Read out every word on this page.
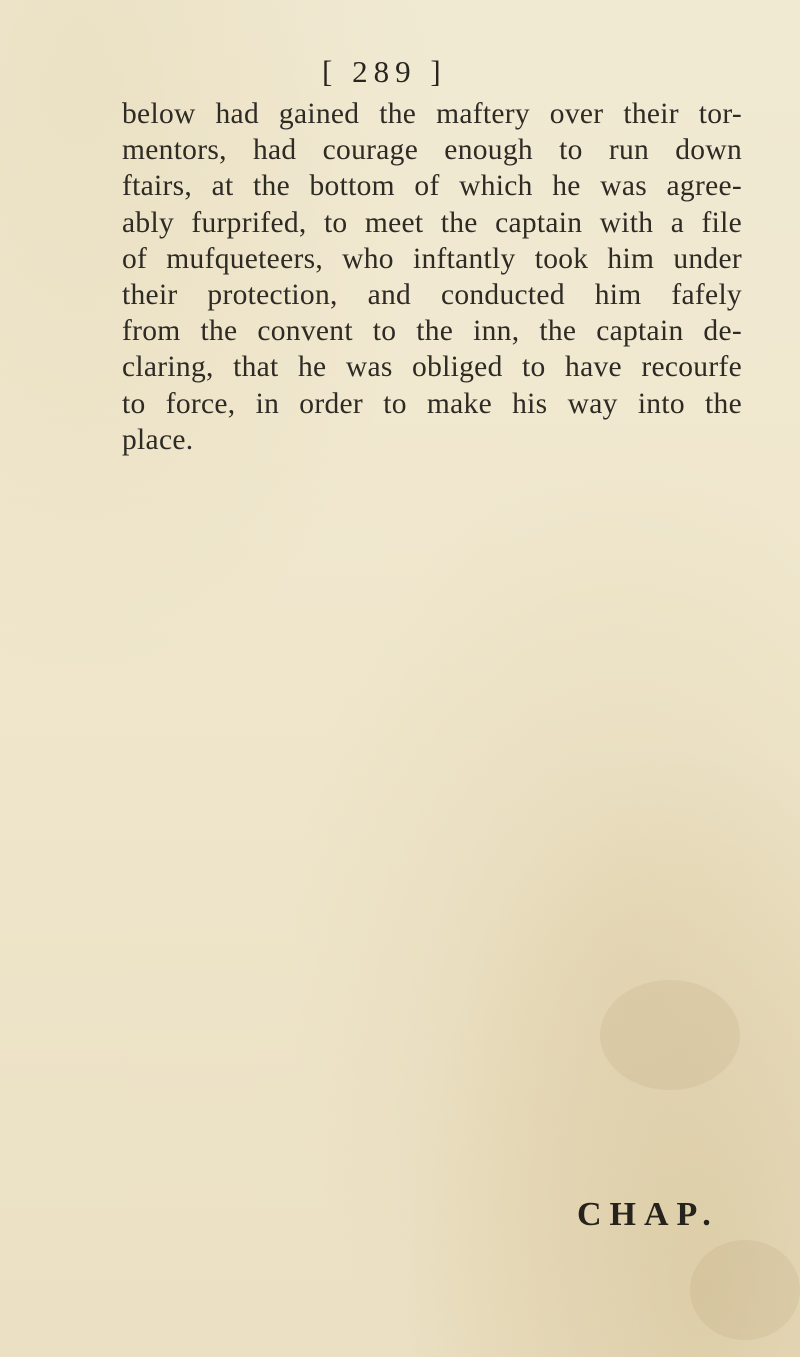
[ 289 ]
below had gained the maftery over their tor-
mentors, had courage enough to run down
ftairs, at the bottom of which he was agree-
ably furprifed, to meet the captain with a file
of mufqueteers, who inftantly took him under
their protection, and conducted him fafely
from the convent to the inn, the captain de-
claring, that he was obliged to have recourfe
to force, in order to make his way into the
place.
CHAP.
